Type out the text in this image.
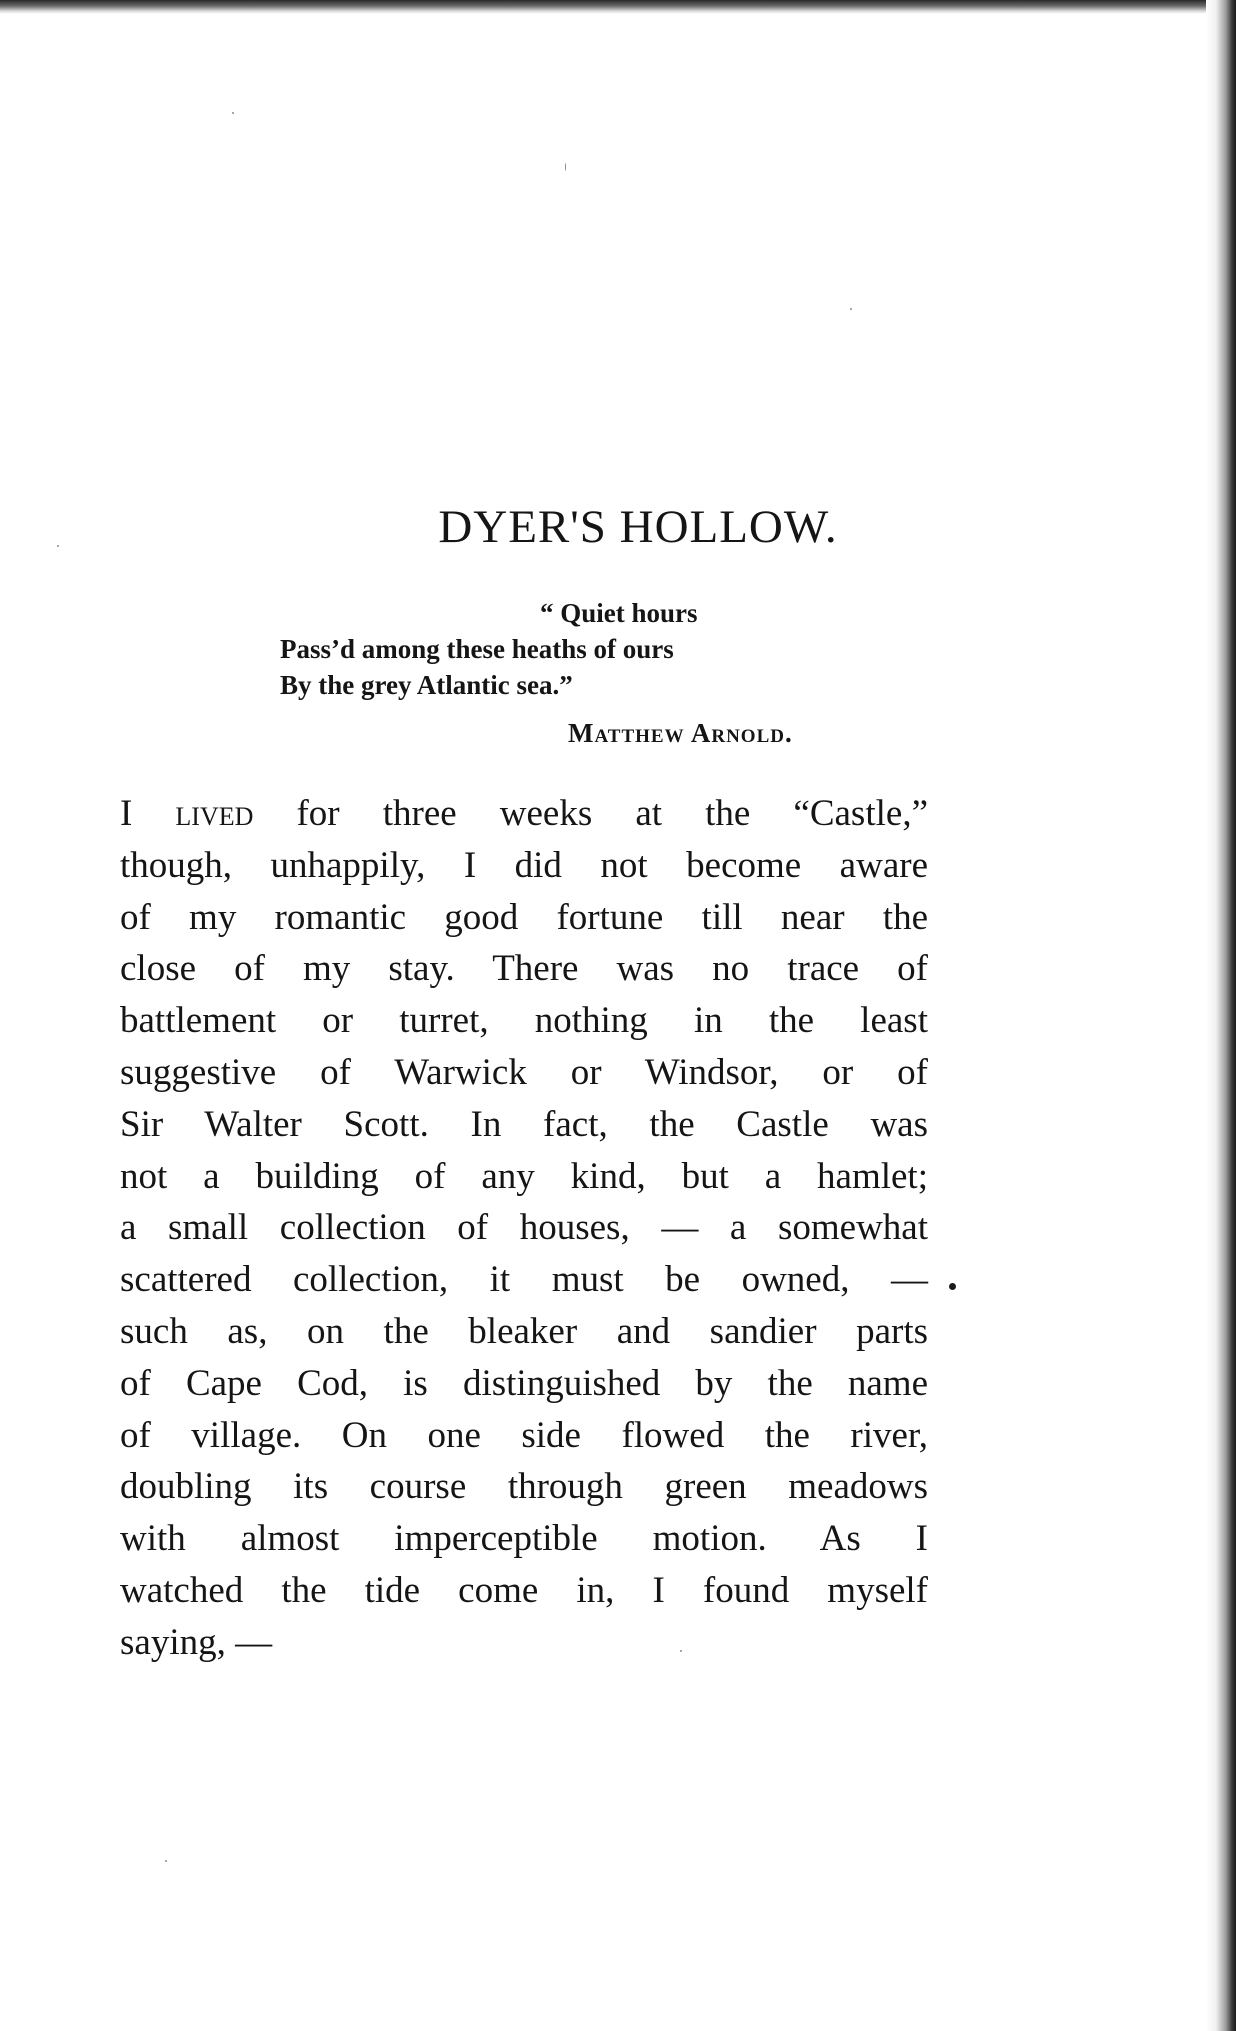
DYER'S HOLLOW.
“ Quiet hours
Pass’d among these heaths of ours
By the grey Atlantic sea.”
Matthew Arnold.
I lived for three weeks at the “Castle,”
though, unhappily, I did not become aware
of my romantic good fortune till near the
close of my stay. There was no trace of
battlement or turret, nothing in the least
suggestive of Warwick or Windsor, or of
Sir Walter Scott. In fact, the Castle was
not a building of any kind, but a hamlet;
a small collection of houses, — a somewhat
scattered collection, it must be owned, —
such as, on the bleaker and sandier parts
of Cape Cod, is distinguished by the name
of village. On one side flowed the river,
doubling its course through green meadows
with almost imperceptible motion. As I
watched the tide come in, I found myself
saying, —
